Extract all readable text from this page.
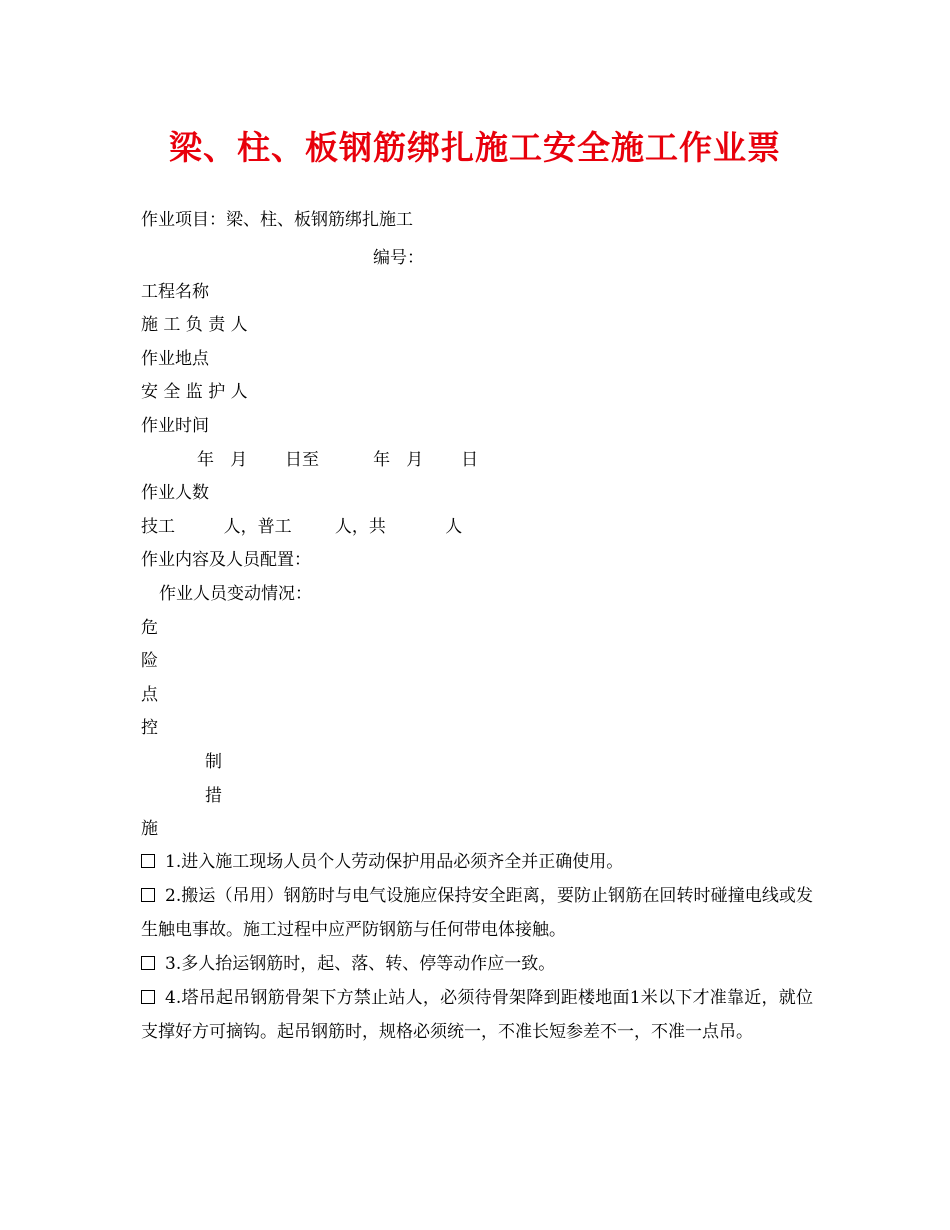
梁、柱、板钢筋绑扎施工安全施工作业票
作业项目：梁、柱、板钢筋绑扎施工
编号：
工程名称
施 工 负 责 人
作业地点
安 全 监 护 人
作业时间
年   月       日至          年   月       日
作业人数
技工         人，普工        人，共           人
作业内容及人员配置：
作业人员变动情况：
危
险
点
控
制
措
施
1.进入施工现场人员个人劳动保护用品必须齐全并正确使用。
2.搬运（吊用）钢筋时与电气设施应保持安全距离，要防止钢筋在回转时碰撞电线或发生触电事故。施工过程中应严防钢筋与任何带电体接触。
3.多人抬运钢筋时，起、落、转、停等动作应一致。
4.塔吊起吊钢筋骨架下方禁止站人，必须待骨架降到距楼地面1米以下才准靠近，就位支撑好方可摘钩。起吊钢筋时，规格必须统一，不准长短参差不一，不准一点吊。
